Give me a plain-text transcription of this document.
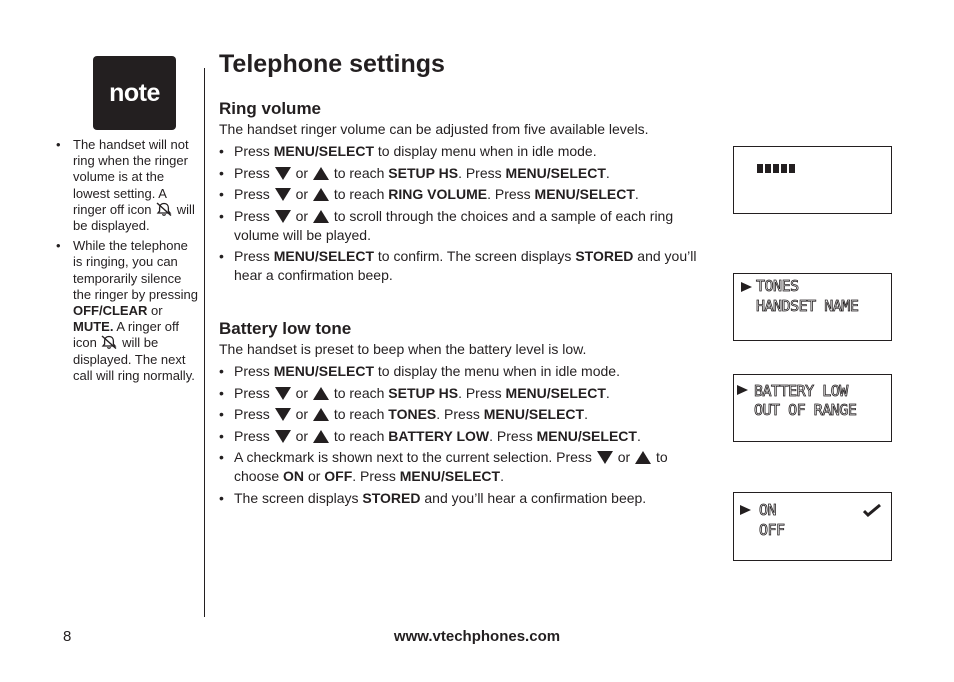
note
• The handset will not ring when the ringer volume is at the lowest setting. A ringer off icon will be displayed.
• While the telephone is ringing, you can temporarily silence the ringer by pressing OFF/CLEAR or MUTE. A ringer off icon will be displayed. The next call will ring normally.
Telephone settings
Ring volume

The handset ringer volume can be adjusted from five available levels.

• Press MENU/SELECT to display menu when in idle mode.
• Press or to reach SETUP HS. Press MENU/SELECT.
• Press or to reach RING VOLUME. Press MENU/SELECT.
• Press or to scroll through the choices and a sample of each ring volume will be played.
• Press MENU/SELECT to confirm. The screen displays STORED and you’ll hear a confirmation beep.
Battery low tone

The handset is preset to beep when the battery level is low.

• Press MENU/SELECT to display the menu when in idle mode.
• Press or to reach SETUP HS. Press MENU/SELECT.
• Press or to reach TONES. Press MENU/SELECT.
• Press or to reach BATTERY LOW. Press MENU/SELECT.
• A checkmark is shown next to the current selection. Press or to choose ON or OFF. Press MENU/SELECT.
• The screen displays STORED and you’ll hear a confirmation beep.
TONES
HANDSET NAME
BATTERY LOW
OUT OF RANGE
ON
OFF
8	www.vtechphones.com
